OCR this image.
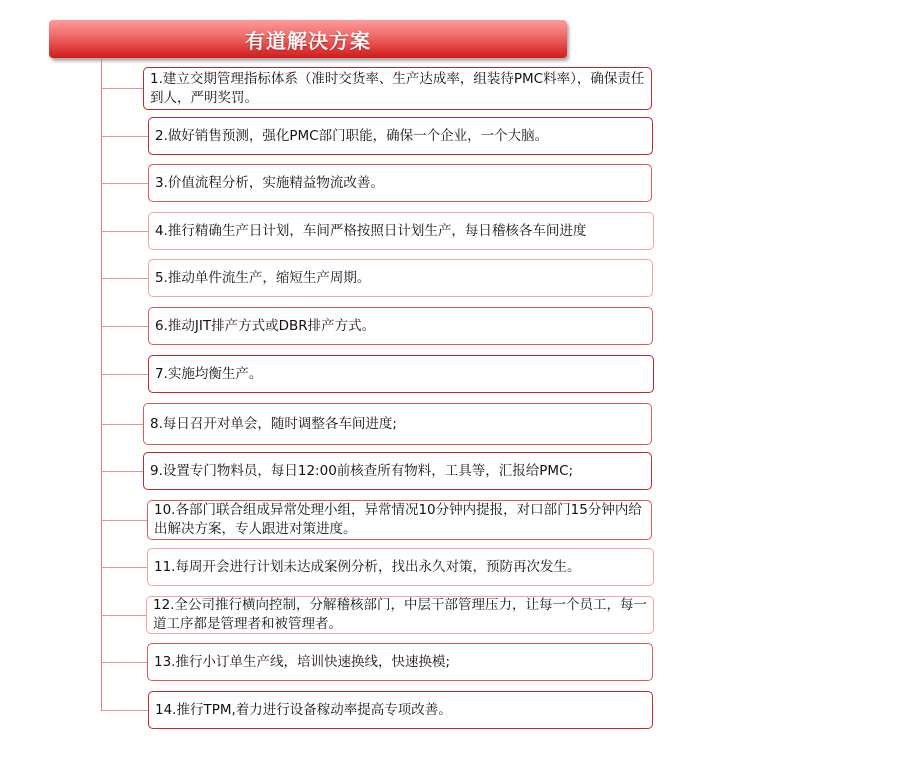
有道解决方案
1.建立交期管理指标体系（准时交货率、生产达成率，组装待PMC料率），确保责任到人，严明奖罚。
2.做好销售预测，强化PMC部门职能，确保一个企业，一个大脑。
3.价值流程分析，实施精益物流改善。
4.推行精确生产日计划，车间严格按照日计划生产，每日稽核各车间进度
5.推动单件流生产，缩短生产周期。
6.推动JIT排产方式或DBR排产方式。
7.实施均衡生产。
8.每日召开对单会，随时调整各车间进度;
9.设置专门物料员，每日12:00前核查所有物料，工具等，汇报给PMC;
10.各部门联合组成异常处理小组，异常情况10分钟内提报，对口部门15分钟内给出解决方案，专人跟进对策进度。
11.每周开会进行计划未达成案例分析，找出永久对策，预防再次发生。
12.全公司推行横向控制，分解稽核部门，中层干部管理压力，让每一个员工，每一道工序都是管理者和被管理者。
13.推行小订单生产线，培训快速换线，快速换模;
14.推行TPM,着力进行设备稼动率提高专项改善。
